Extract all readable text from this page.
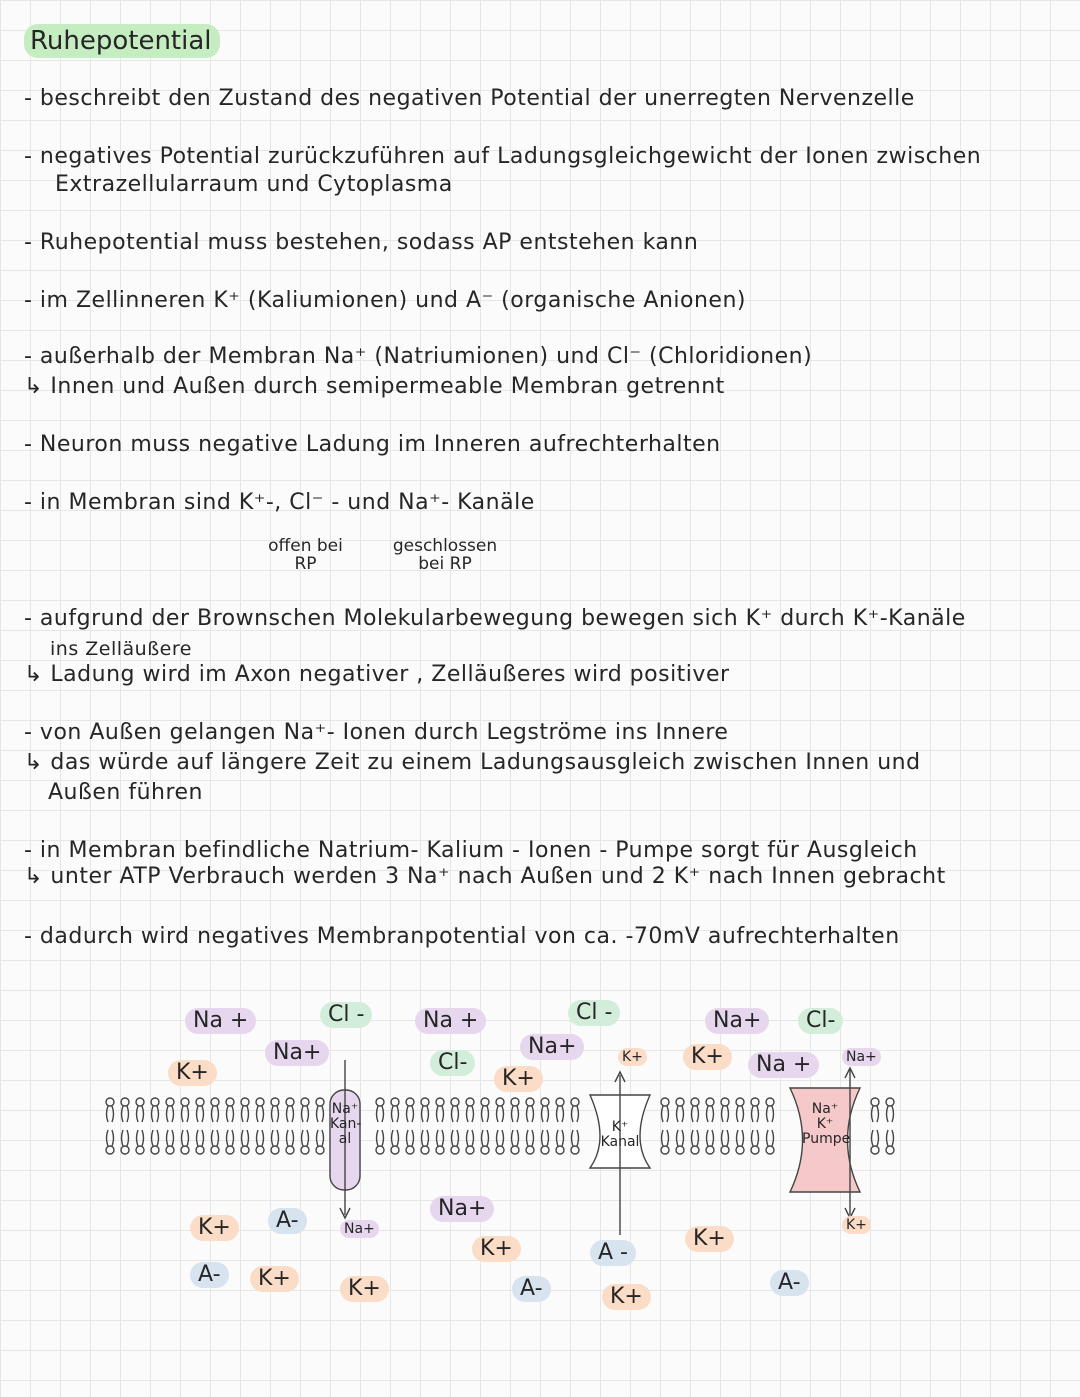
Ruhepotential
- beschreibt den Zustand des negativen Potential der unerregten Nervenzelle
- negatives Potential zurückzuführen auf Ladungsgleichgewicht der Ionen zwischen
Extrazellularraum und Cytoplasma
- Ruhepotential muss bestehen, sodass AP entstehen kann
- im Zellinneren K⁺ (Kaliumionen) und A⁻ (organische Anionen)
- außerhalb der Membran Na⁺ (Natriumionen) und Cl⁻ (Chloridionen)
↳ Innen und Außen durch semipermeable Membran getrennt
- Neuron muss negative Ladung im Inneren aufrechterhalten
- in Membran sind K⁺-, Cl⁻ - und Na⁺- Kanäle
offen bei RP
geschlossen bei RP
- aufgrund der Brownschen Molekularbewegung bewegen sich K⁺ durch K⁺-Kanäle
ins Zelläußere
↳ Ladung wird im Axon negativer , Zelläußeres wird positiver
- von Außen gelangen Na⁺- Ionen durch Legströme ins Innere
↳ das würde auf längere Zeit zu einem Ladungsausgleich zwischen Innen und
Außen führen
- in Membran befindliche Natrium- Kalium - Ionen - Pumpe sorgt für Ausgleich
↳ unter ATP Verbrauch werden 3 Na⁺ nach Außen und 2 K⁺ nach Innen gebracht
- dadurch wird negatives Membranpotential von ca. -70mV aufrechterhalten
Na⁺ Kan- al
K⁺ Kanal
Na⁺ K⁺ Pumpe
Na +	Cl -	Na +	Cl -	Na+	Cl-
Na+	Cl-
K+
Na+
K+
K+	K+	Na +	Na+
K+	A-
A-	K+
Na+
K+
Na+
K+
A-
A -
K+
K+
A-
K+
